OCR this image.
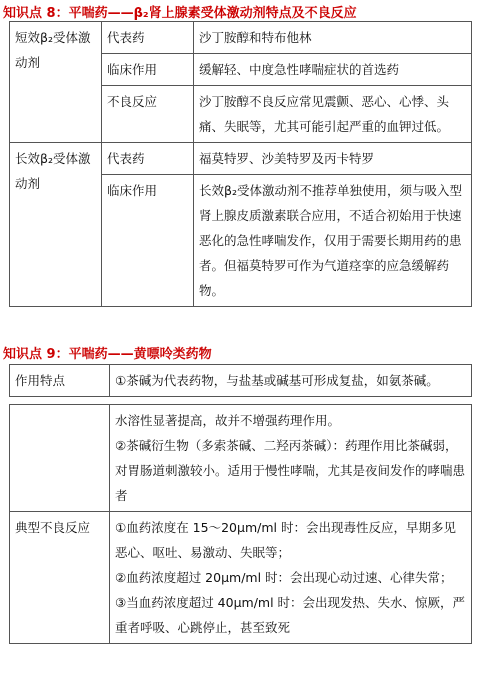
知识点 8：平喘药——β₂肾上腺素受体激动剂特点及不良反应
短效β₂受体激动剂	代表药	沙丁胺醇和特布他林
	临床作用	缓解轻、中度急性哮喘症状的首选药
	不良反应	沙丁胺醇不良反应常见震颤、恶心、心悸、头痛、失眠等，尤其可能引起严重的血钾过低。
长效β₂受体激动剂	代表药	福莫特罗、沙美特罗及丙卡特罗
	临床作用	长效β₂受体激动剂不推荐单独使用，须与吸入型肾上腺皮质激素联合应用，不适合初始用于快速恶化的急性哮喘发作，仅用于需要长期用药的患者。但福莫特罗可作为气道痉挛的应急缓解药物。
知识点 9：平喘药——黄嘌呤类药物
作用特点	①茶碱为代表药物，与盐基或碱基可形成复盐，如氨茶碱。

	水溶性显著提高，故并不增强药理作用。
②茶碱衍生物（多索茶碱、二羟丙茶碱）：药理作用比茶碱弱，对胃肠道刺激较小。适用于慢性哮喘，尤其是夜间发作的哮喘患者

典型不良反应	①血药浓度在 15～20μm/ml 时：会出现毒性反应，早期多见恶心、呕吐、易激动、失眠等；
②血药浓度超过 20μm/ml 时：会出现心动过速、心律失常；
③当血药浓度超过 40μm/ml 时：会出现发热、失水、惊厥，严重者呼吸、心跳停止，甚至致死
